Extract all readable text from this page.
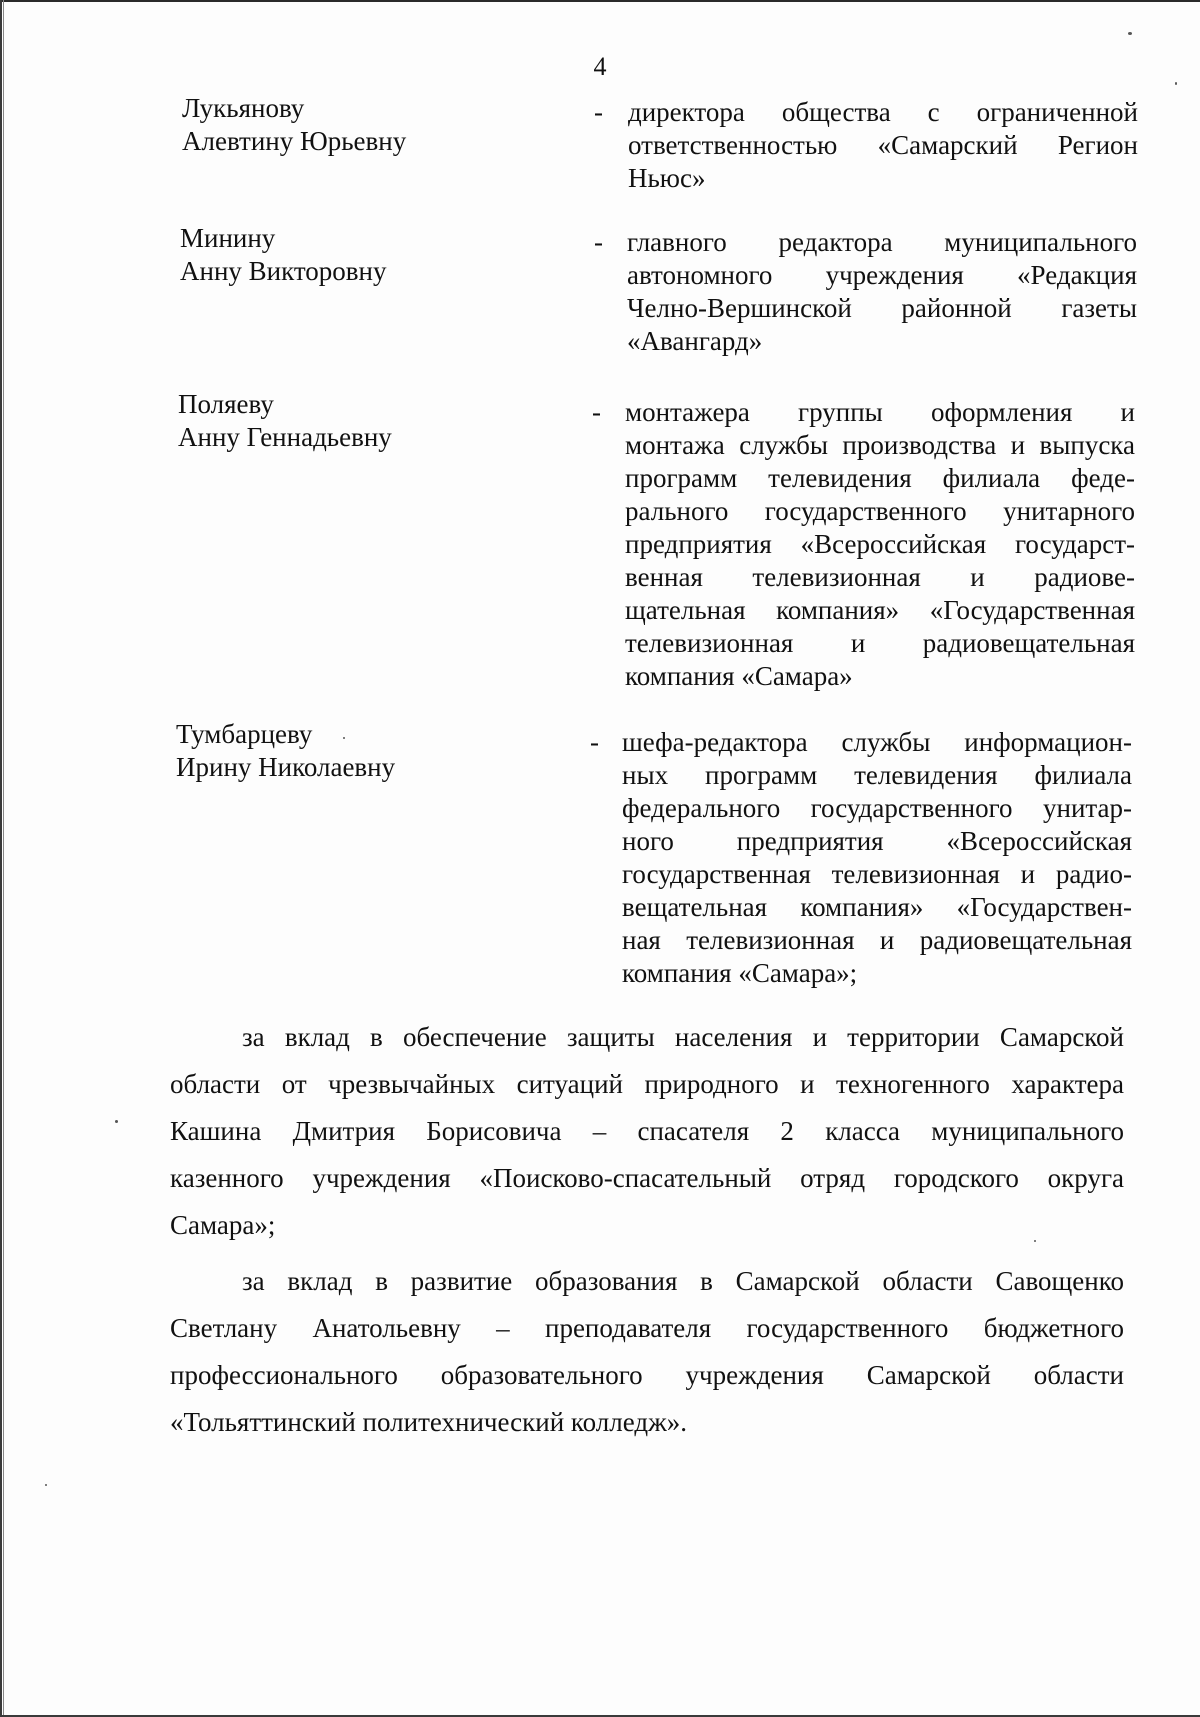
4
Лукьянову
Алевтину Юрьевну
- директора общества с ограниченной
ответственностью «Самарский Регион
Ньюс»
Минину
Анну Викторовну
- главного редактора муниципального
автономного учреждения «Редакция
Челно-Вершинской районной газеты
«Авангард»
Поляеву
Анну Геннадьевну
- монтажера группы оформления и
монтажа службы производства и выпуска
программ телевидения филиала феде-
рального государственного унитарного
предприятия «Всероссийская государст-
венная телевизионная и радиове-
щательная компания» «Государственная
телевизионная и радиовещательная
компания «Самара»
Тумбарцеву
Ирину Николаевну
- шефа-редактора службы информацион-
ных программ телевидения филиала
федерального государственного унитар-
ного предприятия «Всероссийская
государственная телевизионная и радио-
вещательная компания» «Государствен-
ная телевизионная и радиовещательная
компания «Самара»;
за вклад в обеспечение защиты населения и территории Самарской
области от чрезвычайных ситуаций природного и техногенного характера
Кашина Дмитрия Борисовича – спасателя 2 класса муниципального
казенного учреждения «Поисково-спасательный отряд городского округа
Самара»;
за вклад в развитие образования в Самарской области Савощенко
Светлану Анатольевну – преподавателя государственного бюджетного
профессионального образовательного учреждения Самарской области
«Тольяттинский политехнический колледж».
